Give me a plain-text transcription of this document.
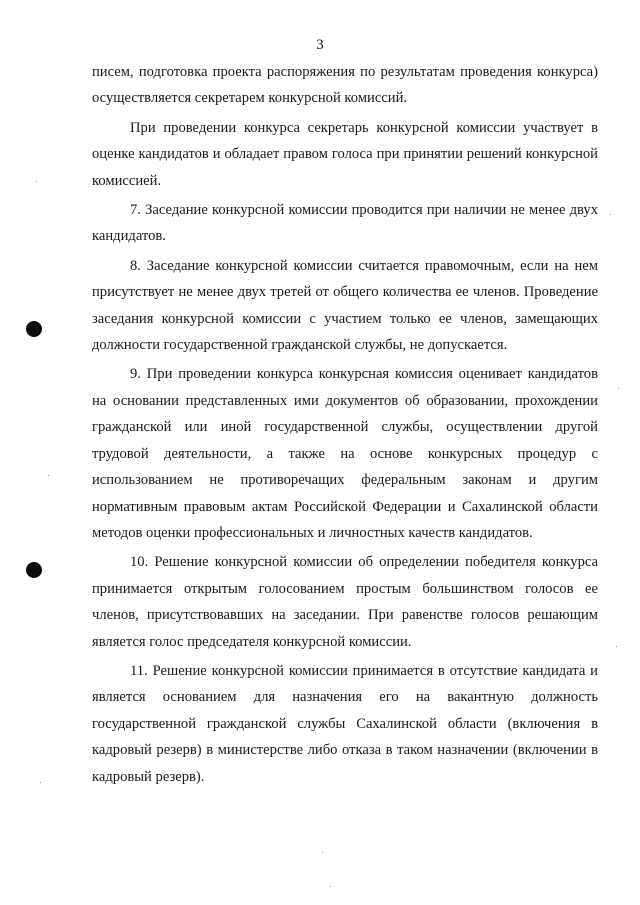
3

писем, подготовка проекта распоряжения по результатам проведения конкурса) осуществляется секретарем конкурсной комиссий.

При проведении конкурса секретарь конкурсной комиссии участвует в оценке кандидатов и обладает правом голоса при принятии решений конкурсной комиссией.

7. Заседание конкурсной комиссии проводится при наличии не менее двух кандидатов.

8. Заседание конкурсной комиссии считается правомочным, если на нем присутствует не менее двух третей от общего количества ее членов. Проведение заседания конкурсной комиссии с участием только ее членов, замещающих должности государственной гражданской службы, не допускается.

9. При проведении конкурса конкурсная комиссия оценивает кандидатов на основании представленных ими документов об образовании, прохождении гражданской или иной государственной службы, осуществлении другой трудовой деятельности, а также на основе конкурсных процедур с использованием не противоречащих федеральным законам и другим нормативным правовым актам Российской Федерации и Сахалинской области методов оценки профессиональных и личностных качеств кандидатов.

10. Решение конкурсной комиссии об определении победителя конкурса принимается открытым голосованием простым большинством голосов ее членов, присутствовавших на заседании. При равенстве голосов решающим является голос председателя конкурсной комиссии.

11. Решение конкурсной комиссии принимается в отсутствие кандидата и является основанием для назначения его на вакантную должность государственной гражданской службы Сахалинской области (включения в кадровый резерв) в министерстве либо отказа в таком назначении (включении в кадровый резерв).
